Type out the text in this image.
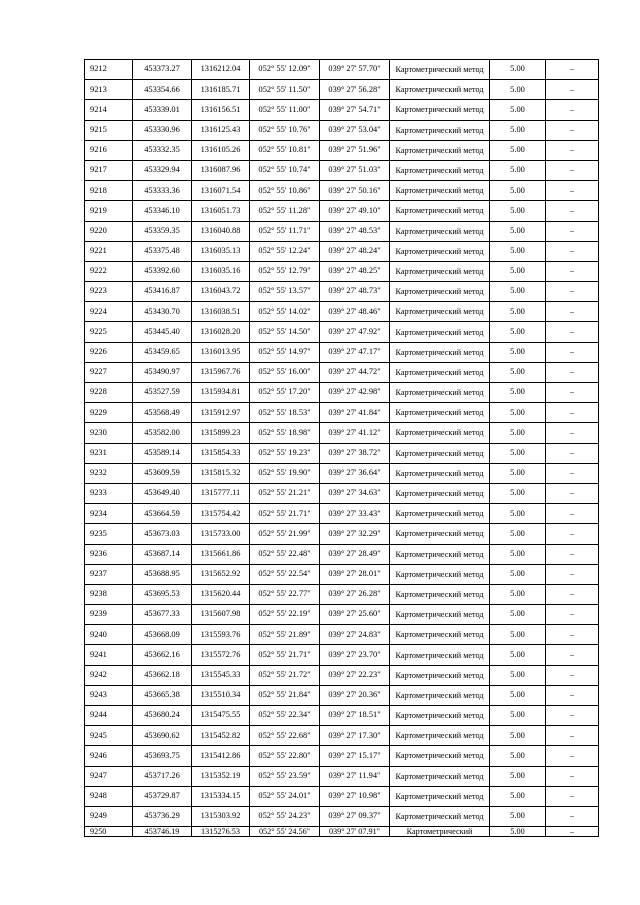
9212	453373.27	1316212.04	052° 55' 12.09"	039° 27' 57.70"	Картометрический метод	5.00	–
9213	453354.66	1316185.71	052° 55' 11.50"	039° 27' 56.28"	Картометрический метод	5.00	–
9214	453339.01	1316156.51	052° 55' 11.00"	039° 27' 54.71"	Картометрический метод	5.00	–
9215	453330.96	1316125.43	052° 55' 10.76"	039° 27' 53.04"	Картометрический метод	5.00	–
9216	453332.35	1316105.26	052° 55' 10.81"	039° 27' 51.96"	Картометрический метод	5.00	–
9217	453329.94	1316087.96	052° 55' 10.74"	039° 27' 51.03"	Картометрический метод	5.00	–
9218	453333.36	1316071.54	052° 55' 10.86"	039° 27' 50.16"	Картометрический метод	5.00	–
9219	453346.10	1316051.73	052° 55' 11.28"	039° 27' 49.10"	Картометрический метод	5.00	–
9220	453359.35	1316040.88	052° 55' 11.71"	039° 27' 48.53"	Картометрический метод	5.00	–
9221	453375.48	1316035.13	052° 55' 12.24"	039° 27' 48.24"	Картометрический метод	5.00	–
9222	453392.60	1316035.16	052° 55' 12.79"	039° 27' 48.25"	Картометрический метод	5.00	–
9223	453416.87	1316043.72	052° 55' 13.57"	039° 27' 48.73"	Картометрический метод	5.00	–
9224	453430.70	1316038.51	052° 55' 14.02"	039° 27' 48.46"	Картометрический метод	5.00	–
9225	453445.40	1316028.20	052° 55' 14.50"	039° 27' 47.92"	Картометрический метод	5.00	–
9226	453459.65	1316013.95	052° 55' 14.97"	039° 27' 47.17"	Картометрический метод	5.00	–
9227	453490.97	1315967.76	052° 55' 16.00"	039° 27' 44.72"	Картометрический метод	5.00	–
9228	453527.59	1315934.81	052° 55' 17.20"	039° 27' 42.98"	Картометрический метод	5.00	–
9229	453568.49	1315912.97	052° 55' 18.53"	039° 27' 41.84"	Картометрический метод	5.00	–
9230	453582.00	1315899.23	052° 55' 18.98"	039° 27' 41.12"	Картометрический метод	5.00	–
9231	453589.14	1315854.33	052° 55' 19.23"	039° 27' 38.72"	Картометрический метод	5.00	–
9232	453609.59	1315815.32	052° 55' 19.90"	039° 27' 36.64"	Картометрический метод	5.00	–
9233	453649.40	1315777.11	052° 55' 21.21"	039° 27' 34.63"	Картометрический метод	5.00	–
9234	453664.59	1315754.42	052° 55' 21.71"	039° 27' 33.43"	Картометрический метод	5.00	–
9235	453673.03	1315733.00	052° 55' 21.99"	039° 27' 32.29"	Картометрический метод	5.00	–
9236	453687.14	1315661.86	052° 55' 22.48"	039° 27' 28.49"	Картометрический метод	5.00	–
9237	453688.95	1315652.92	052° 55' 22.54"	039° 27' 28.01"	Картометрический метод	5.00	–
9238	453695.53	1315620.44	052° 55' 22.77"	039° 27' 26.28"	Картометрический метод	5.00	–
9239	453677.33	1315607.98	052° 55' 22.19"	039° 27' 25.60"	Картометрический метод	5.00	–
9240	453668.09	1315593.76	052° 55' 21.89"	039° 27' 24.83"	Картометрический метод	5.00	–
9241	453662.16	1315572.76	052° 55' 21.71"	039° 27' 23.70"	Картометрический метод	5.00	–
9242	453662.18	1315545.33	052° 55' 21.72"	039° 27' 22.23"	Картометрический метод	5.00	–
9243	453665.38	1315510.34	052° 55' 21.84"	039° 27' 20.36"	Картометрический метод	5.00	–
9244	453680.24	1315475.55	052° 55' 22.34"	039° 27' 18.51"	Картометрический метод	5.00	–
9245	453690.62	1315452.82	052° 55' 22.68"	039° 27' 17.30"	Картометрический метод	5.00	–
9246	453693.75	1315412.86	052° 55' 22.80"	039° 27' 15.17"	Картометрический метод	5.00	–
9247	453717.26	1315352.19	052° 55' 23.59"	039° 27' 11.94"	Картометрический метод	5.00	–
9248	453729.87	1315334.15	052° 55' 24.01"	039° 27' 10.98"	Картометрический метод	5.00	–
9249	453736.29	1315303.92	052° 55' 24.23"	039° 27' 09.37"	Картометрический метод	5.00	–
9250	453746.19	1315276.53	052° 55' 24.56"	039° 27' 07.91"	Картометрический	5.00	–
